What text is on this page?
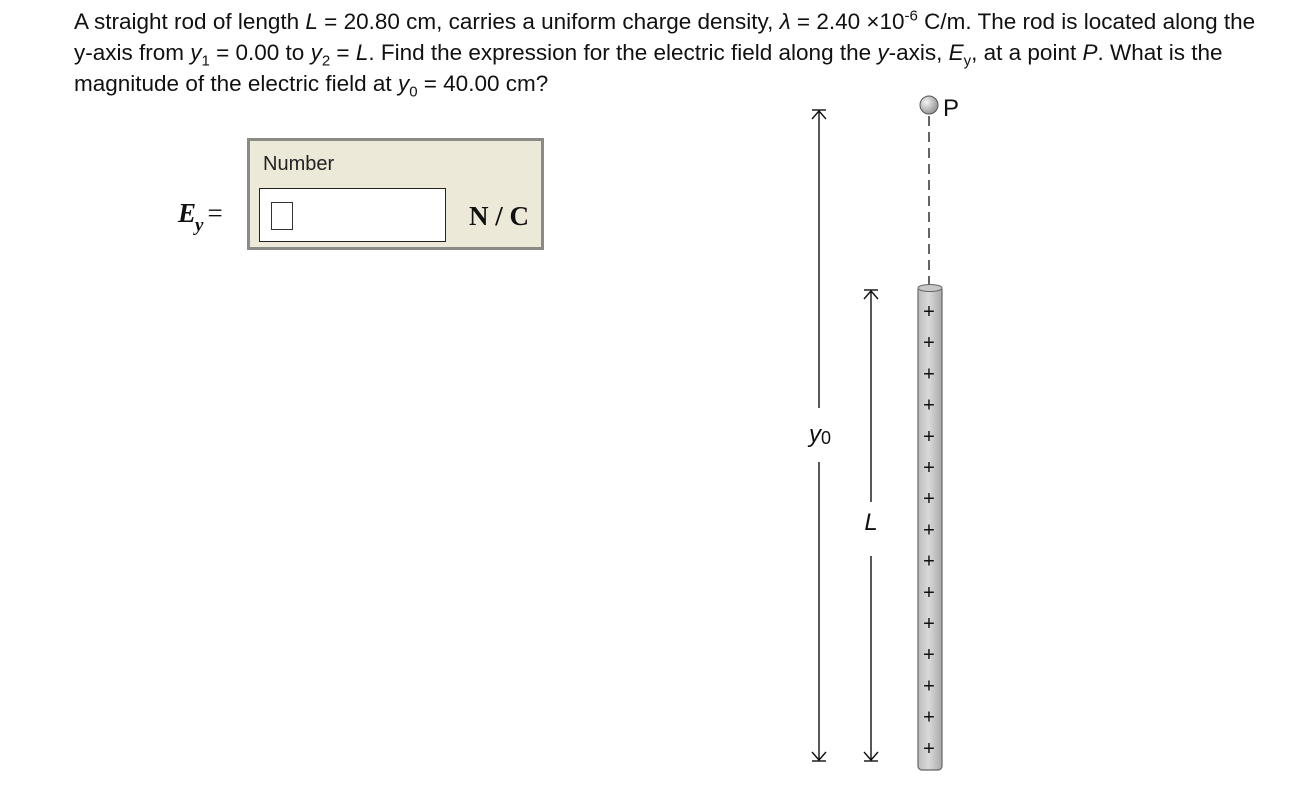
A straight rod of length L = 20.80 cm, carries a uniform charge density, $\lambda = 2.40 \times 10^{-6}$ C/m. The rod is located along the y-axis from $y_1 = 0.00$ to $y_2 = L$. Find the expression for the electric field along the y-axis, $E_y$, at a point P. What is the magnitude of the electric field at $y_0 = 40.00$ cm?

$E_y$ =
Number
N / C
y0
L
P
+
+
+
+
+
+
+
+
+
+
+
+
+
+
+
